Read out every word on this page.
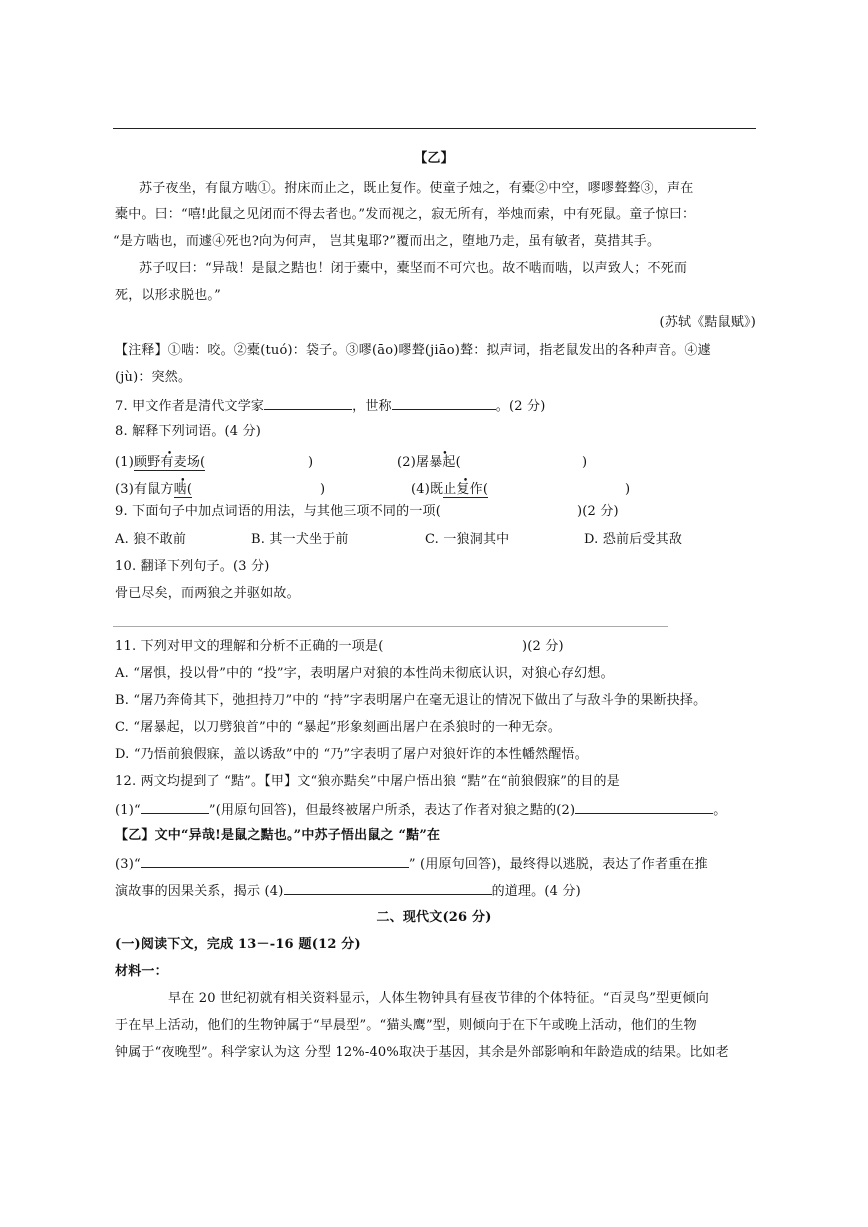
【乙】
苏子夜坐，有鼠方啮①。拊床而止之，既止复作。使童子烛之，有橐②中空，嘐嘐聱聱③，声在
橐中。曰：“嘻!此鼠之见闭而不得去者也。”发而视之，寂无所有，举烛而索，中有死鼠。童子惊曰：
“是方啮也，而遽④死也?向为何声， 岂其鬼耶?”覆而出之，堕地乃走，虽有敏者，莫措其手。
苏子叹曰：“异哉！是鼠之黠也！闭于橐中，橐坚而不可穴也。故不啮而啮，以声致人；不死而
死，以形求脱也。”
(苏轼《黠鼠赋》)
【注释】①啮：咬。②橐(tuó)：袋子。③嘐(āo)嘐聱(jiāo)聱：拟声词，指老鼠发出的各种声音。④遽
(jù)：突然。
7. 甲文作者是清代文学家	，世称	。(2 分)
8. 解释下列词语。(4 分)
(1)顾野有麦场( •	)	(2)屠暴起( •	)
(3)有鼠方啮( •	)	(4)既止复作( •	)
9. 下面句子中加点词语的用法，与其他三项不同的一项(	)(2 分)
A. 狼不敢前	B. 其一犬坐于前	C. 一狼洞其中	D. 恐前后受其敌
10. 翻译下列句子。(3 分)
骨已尽矣，而两狼之并驱如故。
11. 下列对甲文的理解和分析不正确的一项是(	)(2 分)
A. “屠惧，投以骨”中的 “投”字，表明屠户对狼的本性尚未彻底认识，对狼心存幻想。
B. “屠乃奔倚其下，弛担持刀”中的 “持”字表明屠户在毫无退让的情况下做出了与敌斗争的果断抉择。
C. “屠暴起，以刀劈狼首”中的 “暴起”形象刻画出屠户在杀狼时的一种无奈。
D. “乃悟前狼假寐，盖以诱敌”中的 “乃”字表明了屠户对狼奸诈的本性幡然醒悟。
12. 两文均提到了 “黠”。【甲】文“狼亦黠矣”中屠户悟出狼 “黠”在“前狼假寐”的目的是
(1)“	”(用原句回答)，但最终被屠户所杀，表达了作者对狼之黠的(2)	。
【乙】文中“异哉!是鼠之黠也。”中苏子悟出鼠之 “黠”在
(3)“	” (用原句回答)，最终得以逃脱，表达了作者重在推
演故事的因果关系，揭示 (4)	的道理。(4 分)
二、现代文(26 分)
(一)阅读下文，完成 13－-16 题(12 分)
材料一：
早在 20 世纪初就有相关资料显示，人体生物钟具有昼夜节律的个体特征。“百灵鸟”型更倾向
于在早上活动，他们的生物钟属于“早晨型”。“猫头鹰”型，则倾向于在下午或晚上活动，他们的生物
钟属于“夜晚型”。科学家认为这 分型 12%-40%取决于基因，其余是外部影响和年龄造成的结果。比如老
